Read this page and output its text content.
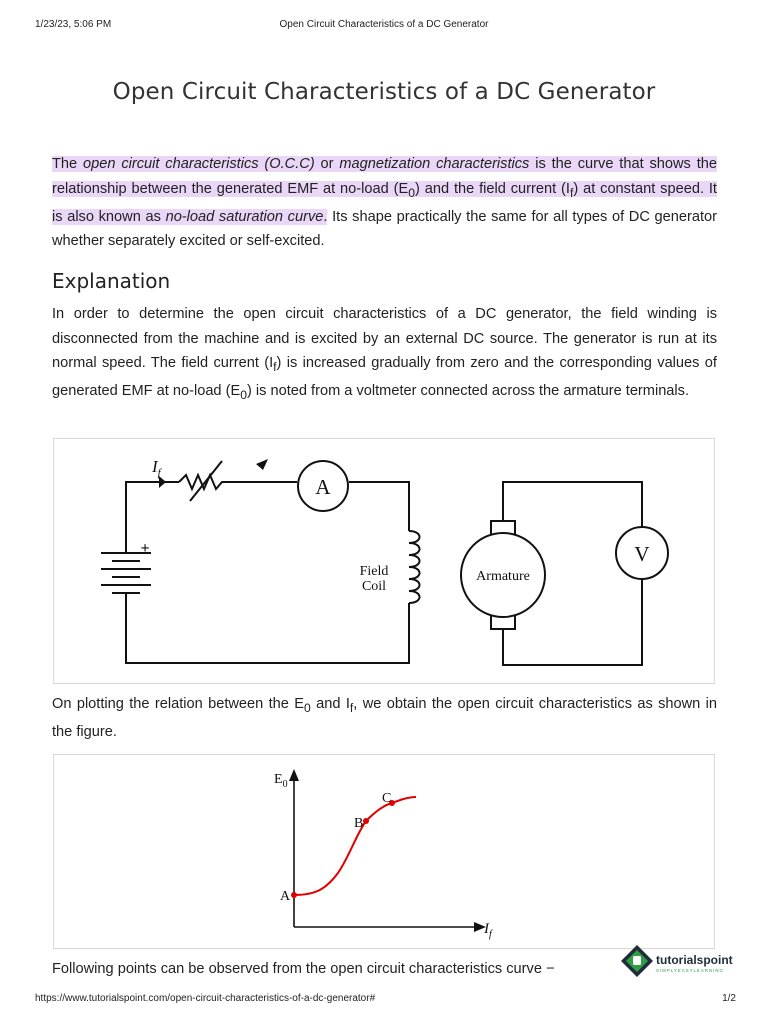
1/23/23, 5:06 PM	Open Circuit Characteristics of a DC Generator
Open Circuit Characteristics of a DC Generator

The open circuit characteristics (O.C.C) or magnetization characteristics is the curve that shows the relationship between the generated EMF at no-load $(E_0)$ and the field current $(I_f)$ at constant speed. It is also known as no-load saturation curve. Its shape practically the same for all types of DC generator whether separately excited or self-excited.

Explanation

In order to determine the open circuit characteristics of a DC generator, the field winding is disconnected from the machine and is excited by an external DC source. The generator is run at its normal speed. The field current $(I_f)$ is increased gradually from zero and the corresponding values of generated EMF at no-load $(E_0)$ is noted from a voltmeter connected across the armature terminals.

$I_f$
A
V
+
Field
Coil
Armature

On plotting the relation between the $E_0$ and $I_f$, we obtain the open circuit characteristics as shown in the figure.

$E_0$
$I_f$
A
B
C

Following points can be observed from the open circuit characteristics curve −

tutorialspoint
SIMPLYEASYLEARNING
https://www.tutorialspoint.com/open-circuit-characteristics-of-a-dc-generator#	1/2
